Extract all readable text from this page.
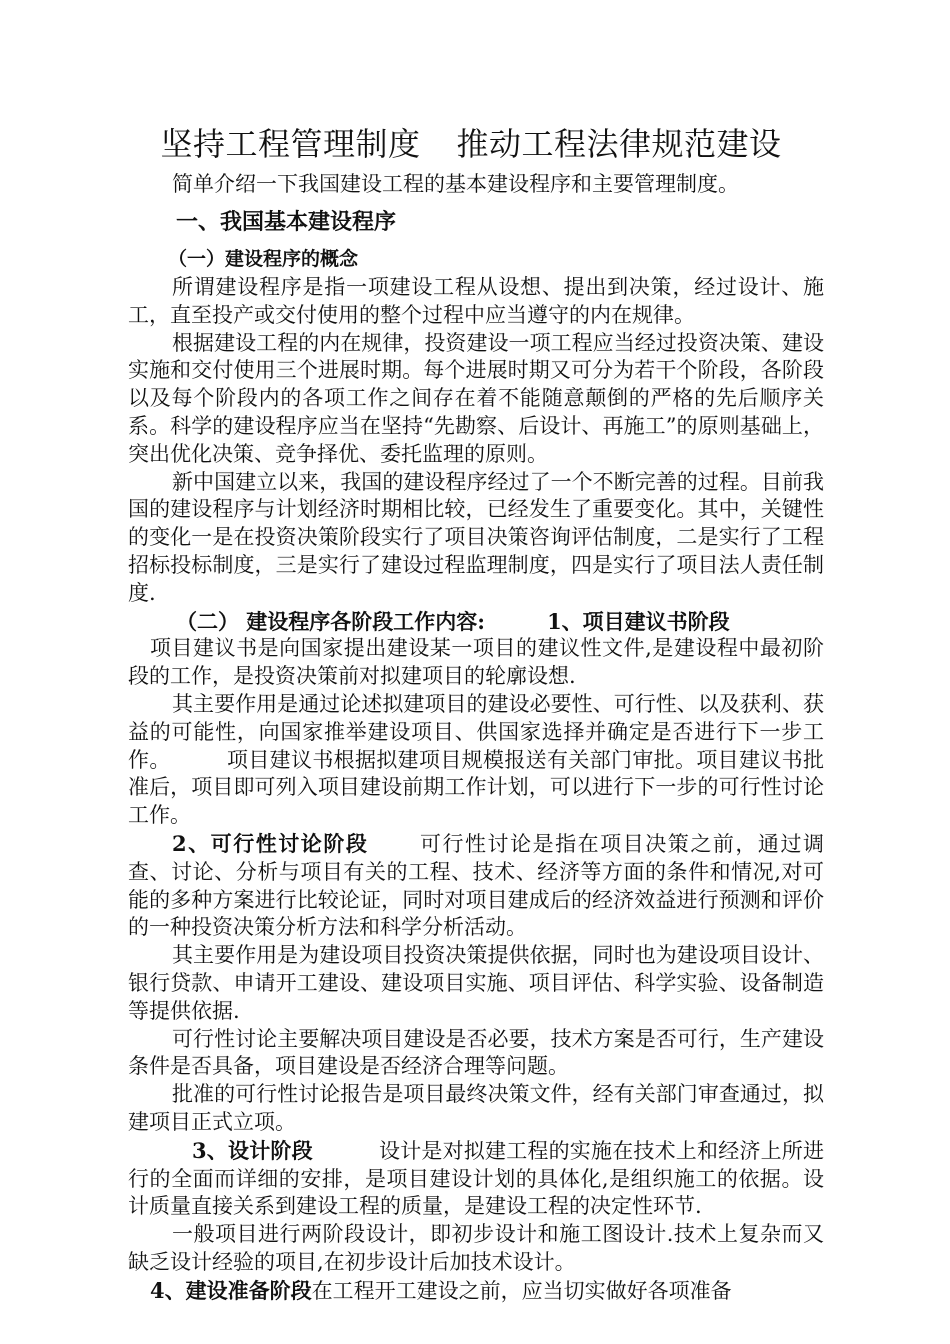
坚持工程管理制度 推动工程法律规范建设

简单介绍一下我国建设工程的基本建设程序和主要管理制度。

一、我国基本建设程序
（一）建设程序的概念

所谓建设程序是指一项建设工程从设想、提出到决策，经过设计、施工，直至投产或交付使用的整个过程中应当遵守的内在规律。

根据建设工程的内在规律，投资建设一项工程应当经过投资决策、建设实施和交付使用三个进展时期。每个进展时期又可分为若干个阶段，各阶段以及每个阶段内的各项工作之间存在着不能随意颠倒的严格的先后顺序关系。科学的建设程序应当在坚持“先勘察、后设计、再施工”的原则基础上，突出优化决策、竞争择优、委托监理的原则。

新中国建立以来，我国的建设程序经过了一个不断完善的过程。目前我国的建设程序与计划经济时期相比较，已经发生了重要变化。其中，关键性的变化一是在投资决策阶段实行了项目决策咨询评估制度，二是实行了工程招标投标制度，三是实行了建设过程监理制度，四是实行了项目法人责任制度.

（二） 建设程序各阶段工作内容:	1、项目建议书阶段

项目建议书是向国家提出建设某一项目的建议性文件,是建设程中最初阶段的工作，是投资决策前对拟建项目的轮廓设想.

其主要作用是通过论述拟建项目的建设必要性、可行性、以及获利、获益的可能性，向国家推举建设项目、供国家选择并确定是否进行下一步工作。	项目建议书根据拟建项目规模报送有关部门审批。项目建议书批准后，项目即可列入项目建设前期工作计划，可以进行下一步的可行性讨论工作。

2、可行性讨论阶段 可行性讨论是指在项目决策之前，通过调查、讨论、分析与项目有关的工程、技术、经济等方面的条件和情况,对可能的多种方案进行比较论证，同时对项目建成后的经济效益进行预测和评价的一种投资决策分析方法和科学分析活动。

其主要作用是为建设项目投资决策提供依据，同时也为建设项目设计、银行贷款、申请开工建设、建设项目实施、项目评估、科学实验、设备制造等提供依据.

可行性讨论主要解决项目建设是否必要，技术方案是否可行，生产建设条件是否具备，项目建设是否经济合理等问题。

批准的可行性讨论报告是项目最终决策文件，经有关部门审查通过，拟建项目正式立项。

3、设计阶段	设计是对拟建工程的实施在技术上和经济上所进行的全面而详细的安排，是项目建设计划的具体化,是组织施工的依据。设计质量直接关系到建设工程的质量，是建设工程的决定性环节.

一般项目进行两阶段设计，即初步设计和施工图设计.技术上复杂而又缺乏设计经验的项目,在初步设计后加技术设计。

4、建设准备阶段在工程开工建设之前，应当切实做好各项准备
